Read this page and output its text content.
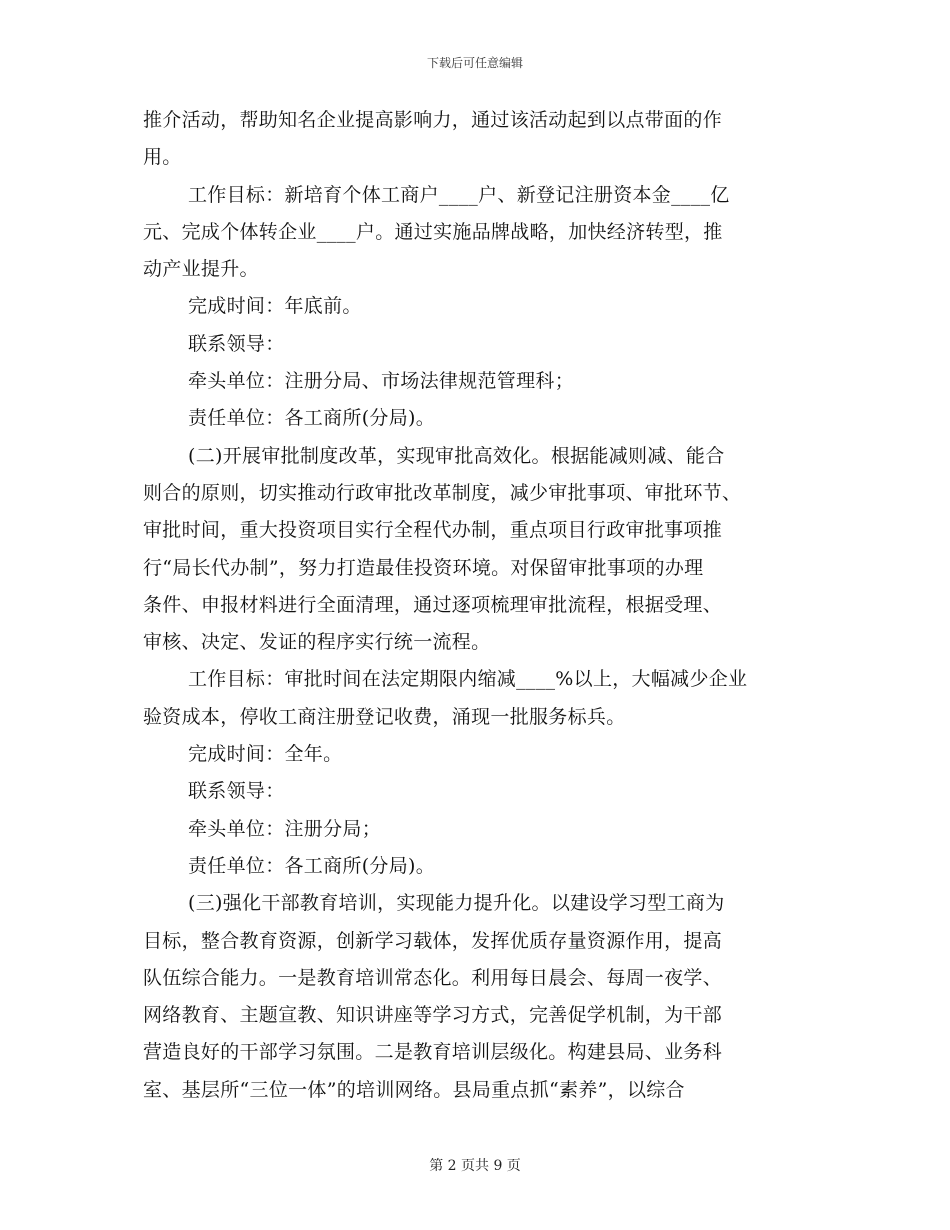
下载后可任意编辑
推介活动，帮助知名企业提高影响力，通过该活动起到以点带面的作
用。
工作目标：新培育个体工商户____户、新登记注册资本金____亿
元、完成个体转企业____户。通过实施品牌战略，加快经济转型，推
动产业提升。
完成时间：年底前。
联系领导：
牵头单位：注册分局、市场法律规范管理科；
责任单位：各工商所(分局)。
(二)开展审批制度改革，实现审批高效化。根据能减则减、能合
则合的原则，切实推动行政审批改革制度，减少审批事项、审批环节、
审批时间，重大投资项目实行全程代办制，重点项目行政审批事项推
行“局长代办制”，努力打造最佳投资环境。对保留审批事项的办理
条件、申报材料进行全面清理，通过逐项梳理审批流程，根据受理、
审核、决定、发证的程序实行统一流程。
工作目标：审批时间在法定期限内缩减____%以上，大幅减少企业
验资成本，停收工商注册登记收费，涌现一批服务标兵。
完成时间：全年。
联系领导：
牵头单位：注册分局；
责任单位：各工商所(分局)。
(三)强化干部教育培训，实现能力提升化。以建设学习型工商为
目标，整合教育资源，创新学习载体，发挥优质存量资源作用，提高
队伍综合能力。一是教育培训常态化。利用每日晨会、每周一夜学、
网络教育、主题宣教、知识讲座等学习方式，完善促学机制，为干部
营造良好的干部学习氛围。二是教育培训层级化。构建县局、业务科
室、基层所“三位一体”的培训网络。县局重点抓“素养”，以综合
第 2 页共 9 页
